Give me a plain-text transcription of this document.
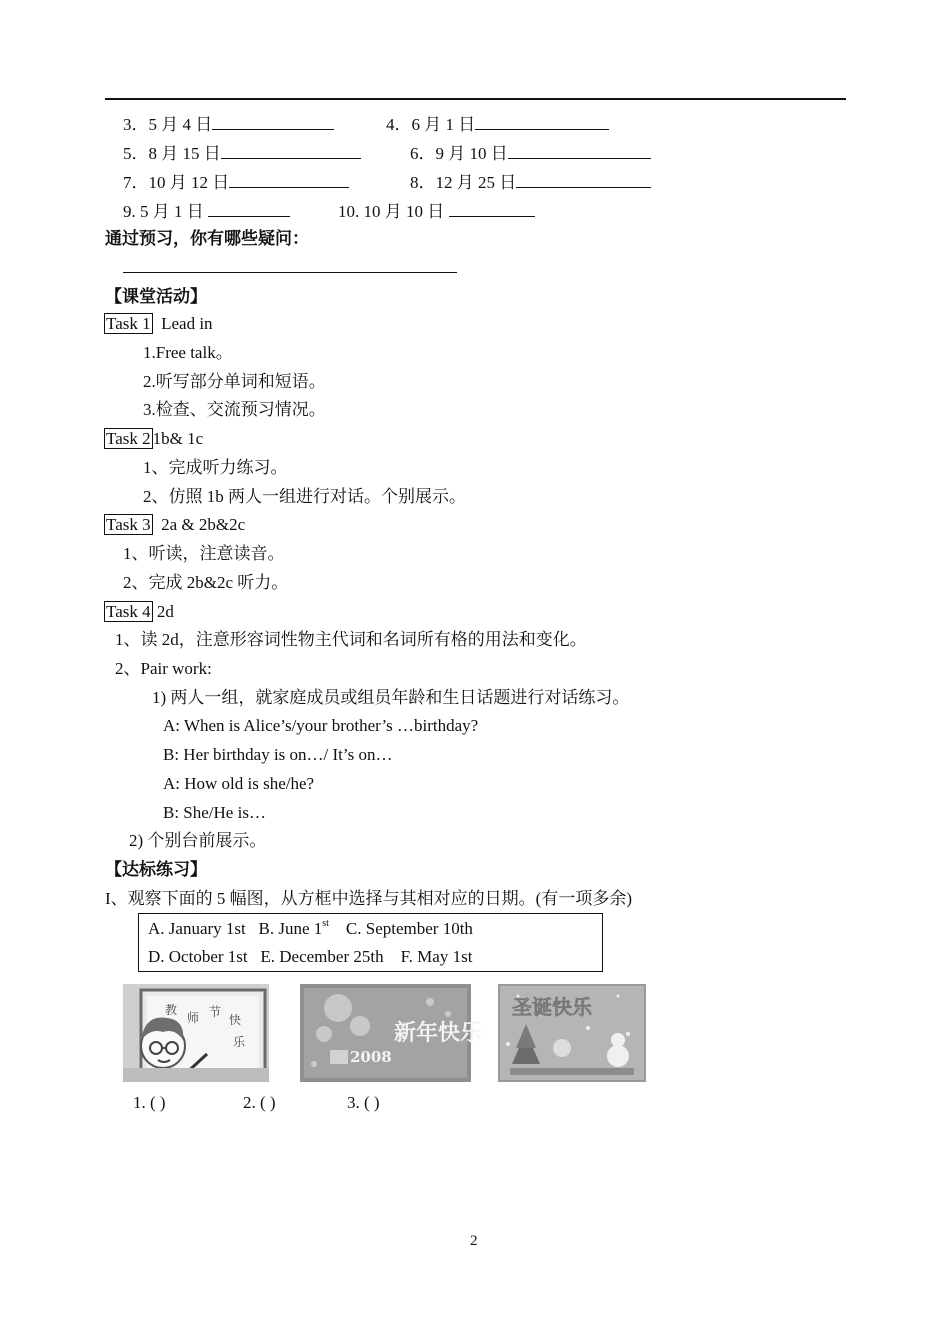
3．5 月 4 日	4．6 月 1 日
5．8 月 15 日	6．9 月 10 日
7．10 月 12 日	8．12 月 25 日
9. 5 月 1 日	10. 10 月 10 日
通过预习，你有哪些疑问：
【课堂活动】
Task 1 Lead in
1.Free talk。
2.听写部分单词和短语。
3.检查、交流预习情况。
Task 2 1b& 1c
1、完成听力练习。
2、仿照 1b 两人一组进行对话。个别展示。
Task 3 2a & 2b&2c
1、听读，注意读音。
2、完成 2b&2c 听力。
Task 4 2d
1、读 2d，注意形容词性物主代词和名词所有格的用法和变化。
2、Pair work:
1) 两人一组，就家庭成员或组员年龄和生日话题进行对话练习。
A: When is Alice’s/your brother’s …birthday?
B: Her birthday is on…/ It’s on…
A: How old is she/he?
B: She/He is…
2) 个别台前展示。
【达标练习】
I、观察下面的 5 幅图，从方框中选择与其相对应的日期。(有一项多余)
A. January 1st B. June 1st C. September 10th
D. October 1st E. December 25th F. May 1st
教
师 节
快
乐	新年快乐
2008
圣诞快乐
1. ( )	2. ( )	3. ( )
2
